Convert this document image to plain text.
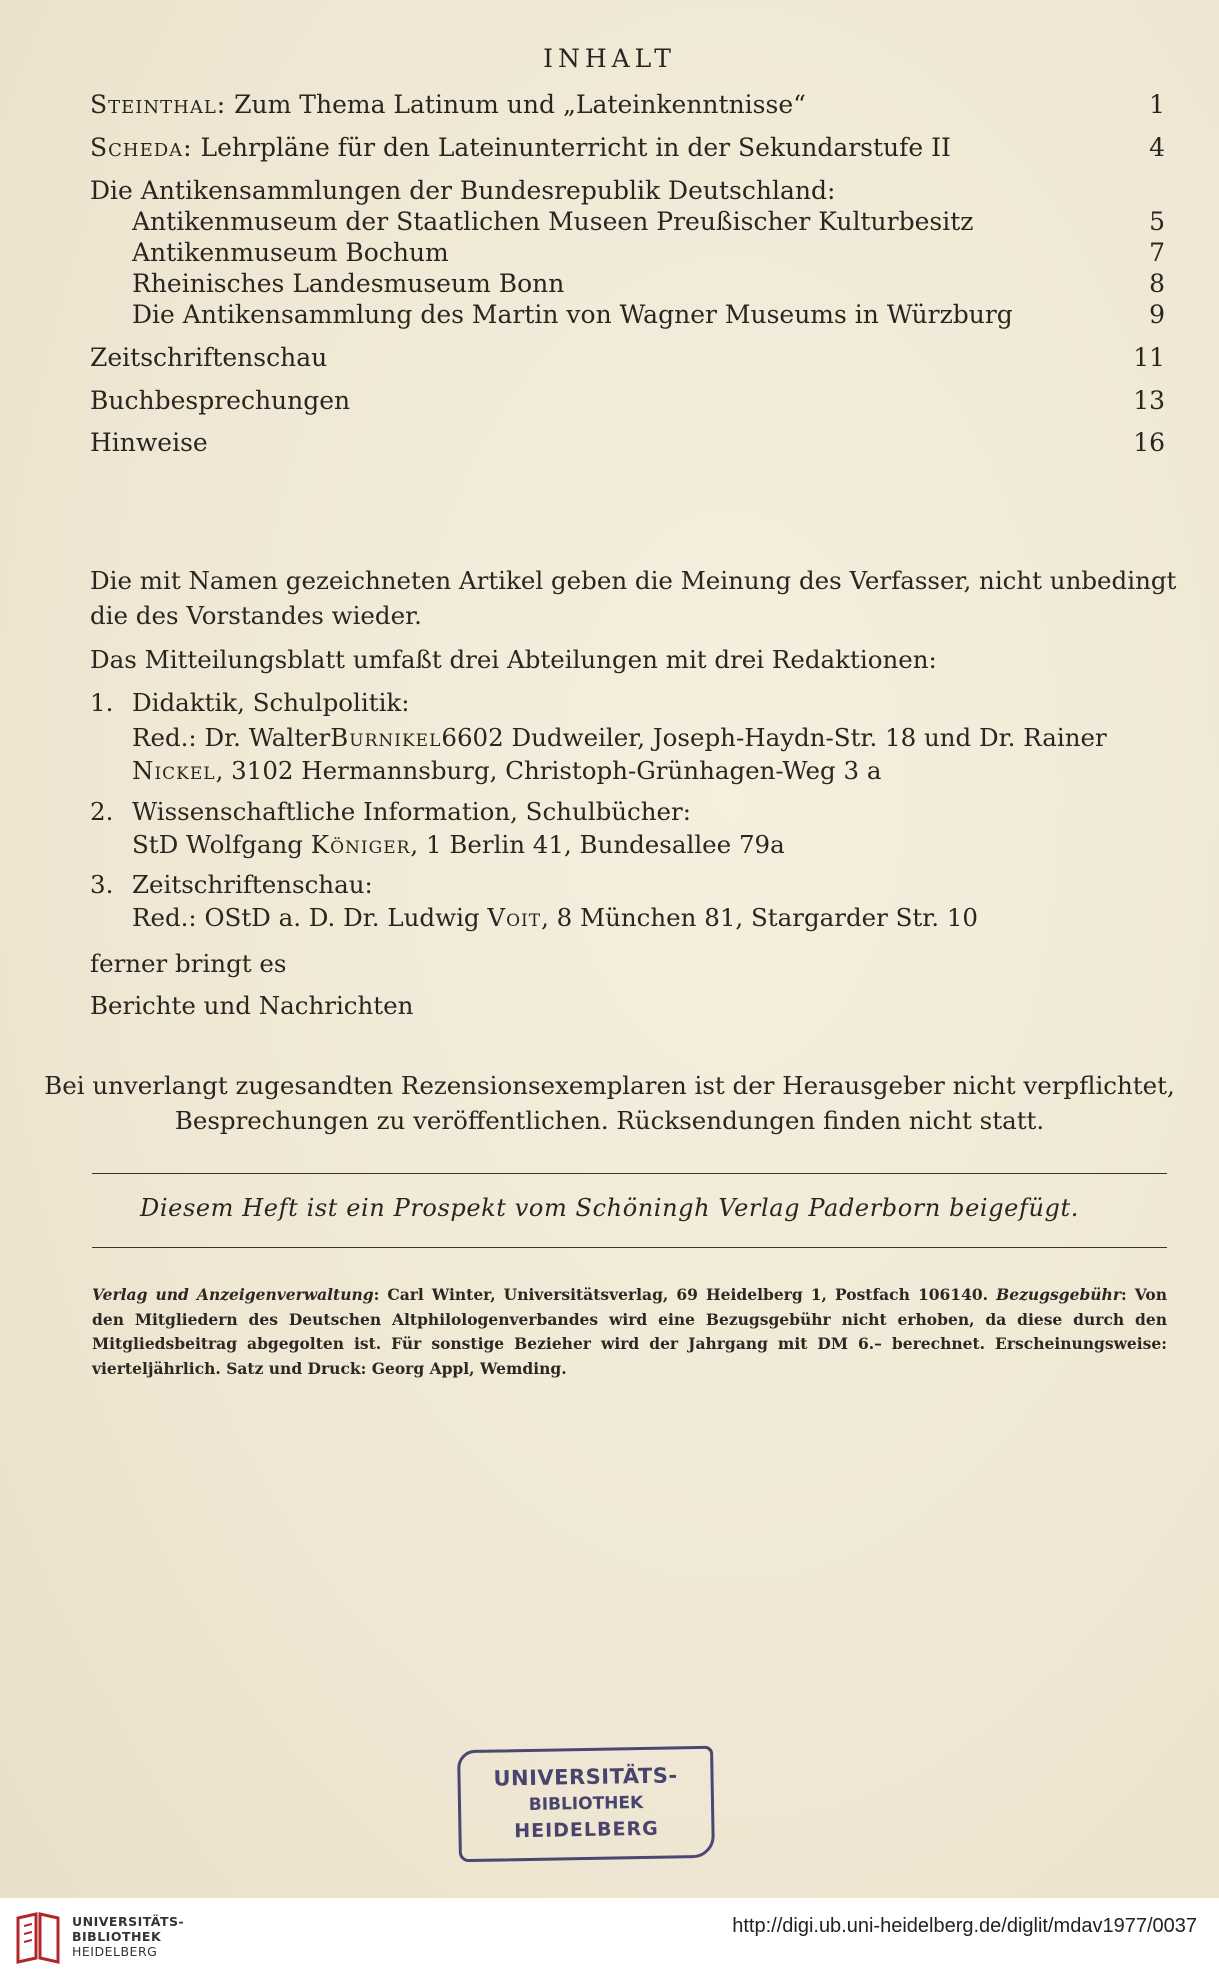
INHALT
Steinthal: Zum Thema Latinum und „Lateinkenntnisse“	1
Scheda: Lehrpläne für den Lateinunterricht in der Sekundarstufe II	4
Die Antikensammlungen der Bundesrepublik Deutschland:
Antikenmuseum der Staatlichen Museen Preußischer Kulturbesitz	5
Antikenmuseum Bochum	7
Rheinisches Landesmuseum Bonn	8
Die Antikensammlung des Martin von Wagner Museums in Würzburg	9
Zeitschriftenschau	11
Buchbesprechungen	13
Hinweise	16
Die mit Namen gezeichneten Artikel geben die Meinung des Verfasser, nicht unbedingt
die des Vorstandes wieder.
Das Mitteilungsblatt umfaßt drei Abteilungen mit drei Redaktionen:
1. Didaktik, Schulpolitik:
Red.: Dr. Walter Burnikel 6602 Dudweiler, Joseph-Haydn-Str. 18 und Dr. Rainer
Nickel, 3102 Hermannsburg, Christoph-Grünhagen-Weg 3 a
2. Wissenschaftliche Information, Schulbücher:
StD Wolfgang Königer, 1 Berlin 41, Bundesallee 79a
3. Zeitschriftenschau:
Red.: OStD a. D. Dr. Ludwig Voit, 8 München 81, Stargarder Str. 10
ferner bringt es
Berichte und Nachrichten
Bei unverlangt zugesandten Rezensionsexemplaren ist der Herausgeber nicht verpflichtet,
Besprechungen zu veröffentlichen. Rücksendungen finden nicht statt.
Diesem Heft ist ein Prospekt vom Schöningh Verlag Paderborn beigefügt.
Verlag und Anzeigenverwaltung: Carl Winter, Universitätsverlag, 69 Heidelberg 1, Postfach 106140. Bezugsgebühr: Von den Mitgliedern des Deutschen Altphilologenverbandes wird eine Bezugsgebühr nicht erhoben, da diese durch den Mitgliedsbeitrag abgegolten ist. Für sonstige Bezieher wird der Jahrgang mit DM 6.– berechnet. Erscheinungsweise: vierteljährlich. Satz und Druck: Georg Appl, Wemding.
UNIVERSITÄTS-
BIBLIOTHEK
HEIDELBERG
UNIVERSITÄTS-
BIBLIOTHEK
HEIDELBERG
http://digi.ub.uni-heidelberg.de/diglit/mdav1977/0037
